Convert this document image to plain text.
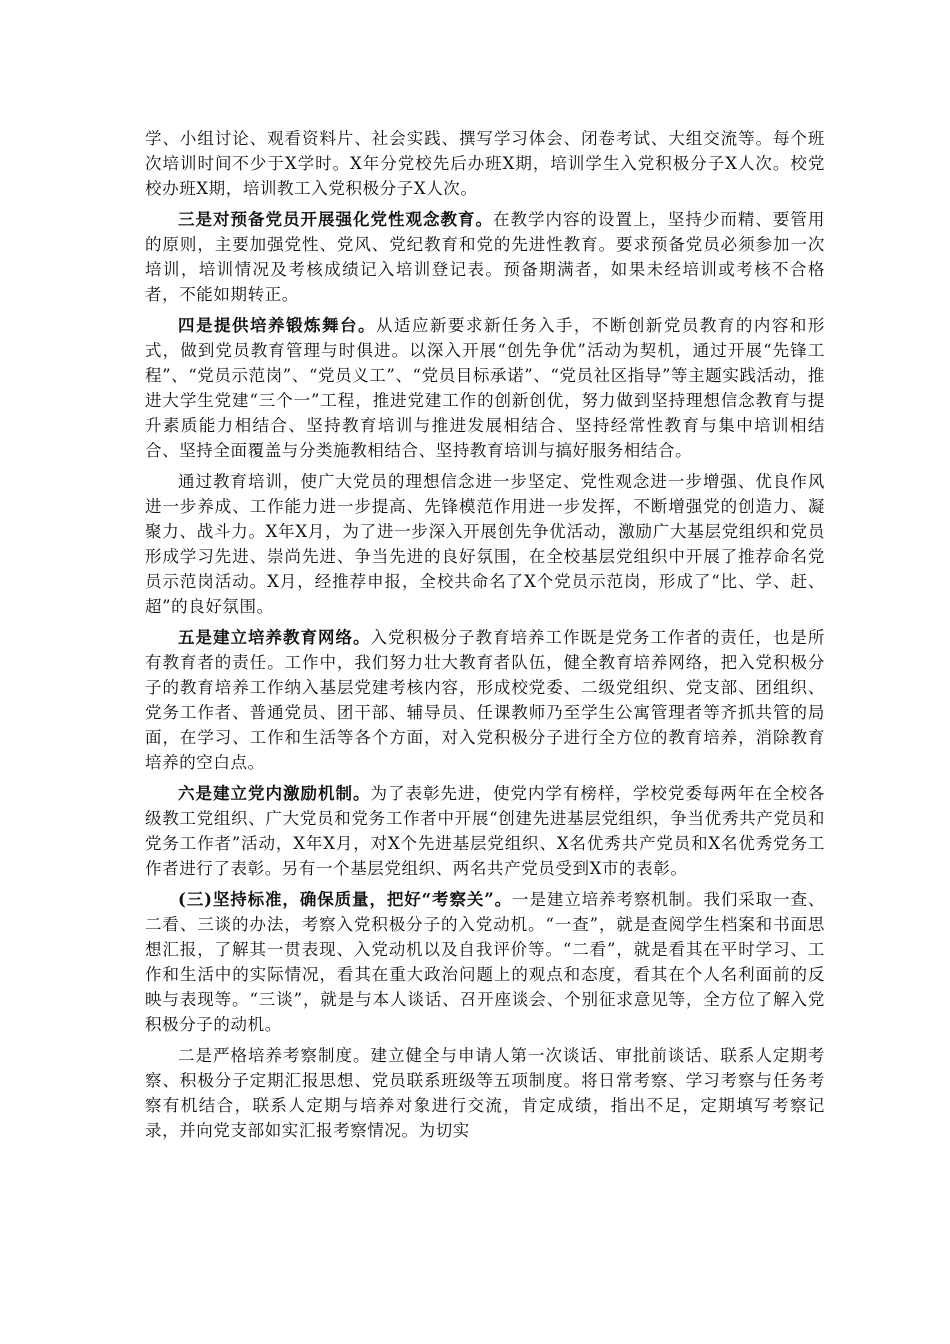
学、小组讨论、观看资料片、社会实践、撰写学习体会、闭卷考试、大组交流等。每个班次培训时间不少于X学时。X年分党校先后办班X期，培训学生入党积极分子X人次。校党校办班X期，培训教工入党积极分子X人次。

三是对预备党员开展强化党性观念教育。在教学内容的设置上，坚持少而精、要管用的原则，主要加强党性、党风、党纪教育和党的先进性教育。要求预备党员必须参加一次培训，培训情况及考核成绩记入培训登记表。预备期满者，如果未经培训或考核不合格者，不能如期转正。

四是提供培养锻炼舞台。从适应新要求新任务入手，不断创新党员教育的内容和形式，做到党员教育管理与时俱进。以深入开展“创先争优”活动为契机，通过开展“先锋工程”、“党员示范岗”、“党员义工”、“党员目标承诺”、“党员社区指导”等主题实践活动，推进大学生党建“三个一”工程，推进党建工作的创新创优，努力做到坚持理想信念教育与提升素质能力相结合、坚持教育培训与推进发展相结合、坚持经常性教育与集中培训相结合、坚持全面覆盖与分类施教相结合、坚持教育培训与搞好服务相结合。

通过教育培训，使广大党员的理想信念进一步坚定、党性观念进一步增强、优良作风进一步养成、工作能力进一步提高、先锋模范作用进一步发挥，不断增强党的创造力、凝聚力、战斗力。X年X月，为了进一步深入开展创先争优活动，激励广大基层党组织和党员形成学习先进、崇尚先进、争当先进的良好氛围，在全校基层党组织中开展了推荐命名党员示范岗活动。X月，经推荐申报，全校共命名了X个党员示范岗，形成了“比、学、赶、超”的良好氛围。

五是建立培养教育网络。入党积极分子教育培养工作既是党务工作者的责任，也是所有教育者的责任。工作中，我们努力壮大教育者队伍，健全教育培养网络，把入党积极分子的教育培养工作纳入基层党建考核内容，形成校党委、二级党组织、党支部、团组织、党务工作者、普通党员、团干部、辅导员、任课教师乃至学生公寓管理者等齐抓共管的局面，在学习、工作和生活等各个方面，对入党积极分子进行全方位的教育培养，消除教育培养的空白点。

六是建立党内激励机制。为了表彰先进，使党内学有榜样，学校党委每两年在全校各级教工党组织、广大党员和党务工作者中开展“创建先进基层党组织，争当优秀共产党员和党务工作者”活动，X年X月，对X个先进基层党组织、X名优秀共产党员和X名优秀党务工作者进行了表彰。另有一个基层党组织、两名共产党员受到X市的表彰。

(三)坚持标准，确保质量，把好“考察关”。一是建立培养考察机制。我们采取一查、二看、三谈的办法，考察入党积极分子的入党动机。“一查”，就是查阅学生档案和书面思想汇报，了解其一贯表现、入党动机以及自我评价等。“二看”，就是看其在平时学习、工作和生活中的实际情况，看其在重大政治问题上的观点和态度，看其在个人名利面前的反映与表现等。“三谈”，就是与本人谈话、召开座谈会、个别征求意见等，全方位了解入党积极分子的动机。

二是严格培养考察制度。建立健全与申请人第一次谈话、审批前谈话、联系人定期考察、积极分子定期汇报思想、党员联系班级等五项制度。将日常考察、学习考察与任务考察有机结合，联系人定期与培养对象进行交流，肯定成绩，指出不足，定期填写考察记录，并向党支部如实汇报考察情况。为切实
